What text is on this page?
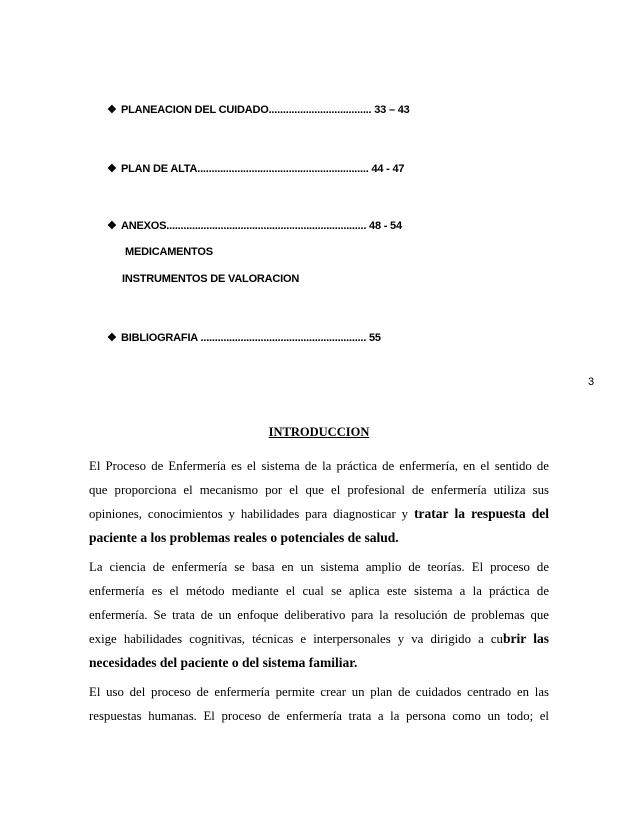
❖ PLANEACION DEL CUIDADO.................................... 33 – 43
❖ PLAN DE ALTA............................................................ 44 - 47
❖ ANEXOS...................................................................... 48 - 54
MEDICAMENTOS
INSTRUMENTOS DE VALORACION
❖ BIBLIOGRAFIA .......................................................... 55
3
INTRODUCCION
El Proceso de Enfermería es el sistema de la práctica de enfermería, en el sentido de
que proporciona el mecanismo por el que el profesional de enfermería utiliza sus
opiniones, conocimientos y habilidades para diagnosticar y tratar la respuesta del
paciente a los problemas reales o potenciales de salud.
La ciencia de enfermería se basa en un sistema amplio de teorías. El proceso de
enfermería es el método mediante el cual se aplica este sistema a la práctica de
enfermería. Se trata de un enfoque deliberativo para la resolución de problemas que
exige habilidades cognitivas, técnicas e interpersonales y va dirigido a cubrir las
necesidades del paciente o del sistema familiar.
El uso del proceso de enfermería permite crear un plan de cuidados centrado en las
respuestas humanas. El proceso de enfermería trata a la persona como un todo; el
